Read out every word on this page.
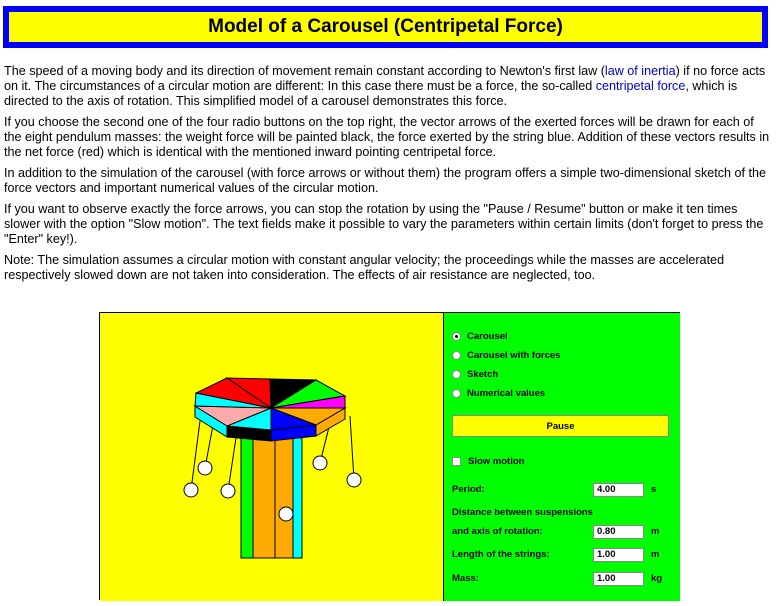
Model of a Carousel (Centripetal Force)

The speed of a moving body and its direction of movement remain constant according to Newton's first law (law of inertia) if no force acts on it. The circumstances of a circular motion are different: In this case there must be a force, the so-called centripetal force, which is directed to the axis of rotation. This simplified model of a carousel demonstrates this force.

If you choose the second one of the four radio buttons on the top right, the vector arrows of the exerted forces will be drawn for each of the eight pendulum masses: the weight force will be painted black, the force exerted by the string blue. Addition of these vectors results in the net force (red) which is identical with the mentioned inward pointing centripetal force.

In addition to the simulation of the carousel (with force arrows or without them) the program offers a simple two-dimensional sketch of the force vectors and important numerical values of the circular motion.

If you want to observe exactly the force arrows, you can stop the rotation by using the "Pause / Resume" button or make it ten times slower with the option "Slow motion". The text fields make it possible to vary the parameters within certain limits (don't forget to press the "Enter" key!).

Note: The simulation assumes a circular motion with constant angular velocity; the proceedings while the masses are accelerated respectively slowed down are not taken into consideration. The effects of air resistance are neglected, too.

Carousel
Carousel with forces
Sketch
Numerical values
Pause
Slow motion
Period:	4.00	s
Distance between suspensions
and axis of rotation:	0.80	m
Length of the strings:	1.00	m
Mass:	1.00	kg
